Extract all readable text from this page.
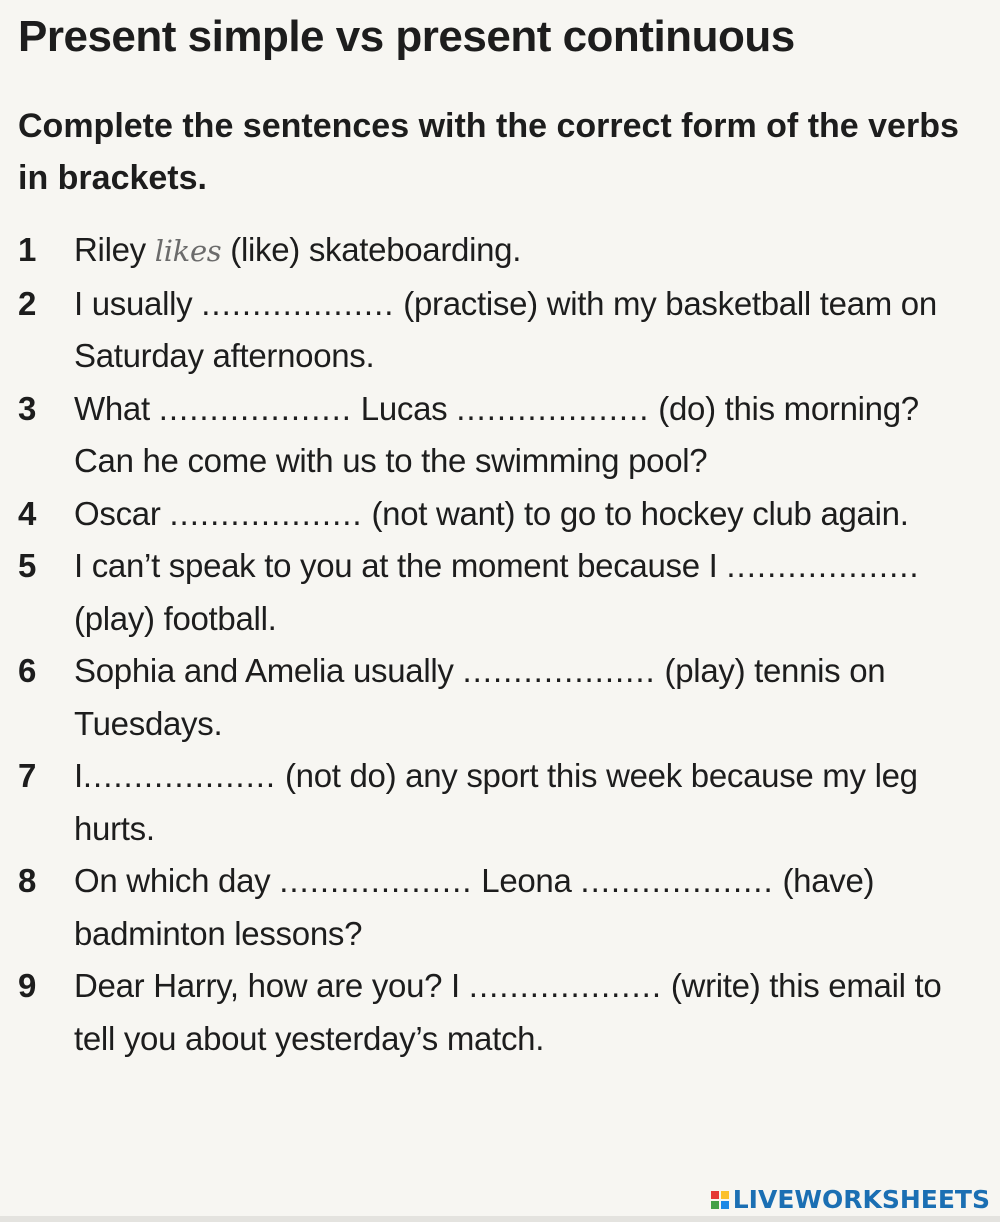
Present simple vs present continuous

Complete the sentences with the correct form of the verbs in brackets.

1 Riley likes (like) skateboarding.
2 I usually ................... (practise) with my basketball team on Saturday afternoons.
3 What ................... Lucas ................... (do) this morning? Can he come with us to the swimming pool?
4 Oscar ................... (not want) to go to hockey club again.
5 I can’t speak to you at the moment because I ................... (play) football.
6 Sophia and Amelia usually ................... (play) tennis on Tuesdays.
7 I................... (not do) any sport this week because my leg hurts.
8 On which day ................... Leona ................... (have) badminton lessons?
9 Dear Harry, how are you? I ................... (write) this email to tell you about yesterday’s match.
LIVEWORKSHEETS
